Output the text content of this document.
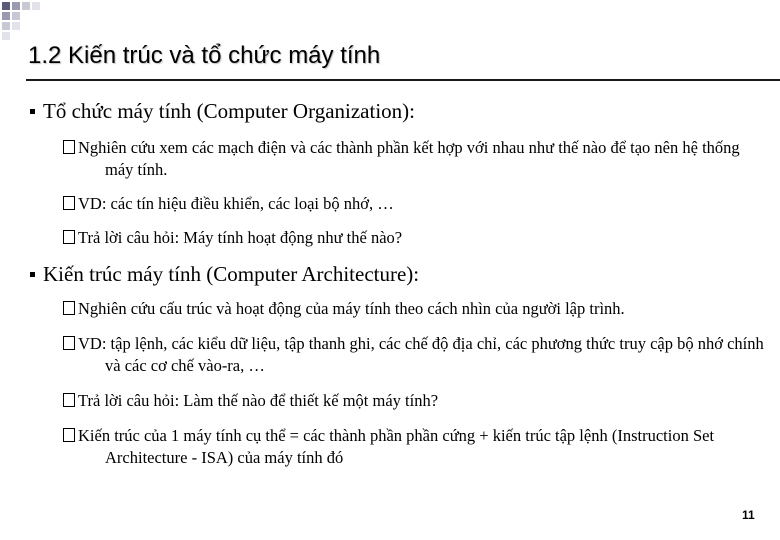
1.2 Kiến trúc và tổ chức máy tính
Tổ chức máy tính (Computer Organization):
Nghiên cứu xem các mạch điện và các thành phần kết hợp với nhau như thế nào để tạo nên hệ thống máy tính.
VD: các tín hiệu điều khiển, các loại bộ nhớ, …
Trả lời câu hỏi: Máy tính hoạt động như thế nào?
Kiến trúc máy tính (Computer Architecture):
Nghiên cứu cấu trúc và hoạt động của máy tính theo cách nhìn của người lập trình.
VD: tập lệnh, các kiểu dữ liệu, tập thanh ghi, các chế độ địa chỉ, các phương thức truy cập bộ nhớ chính và các cơ chế vào-ra, …
Trả lời câu hỏi: Làm thế nào để thiết kế một máy tính?
Kiến trúc của 1 máy tính cụ thể = các thành phần phần cứng + kiến trúc tập lệnh (Instruction Set Architecture - ISA) của máy tính đó
11
